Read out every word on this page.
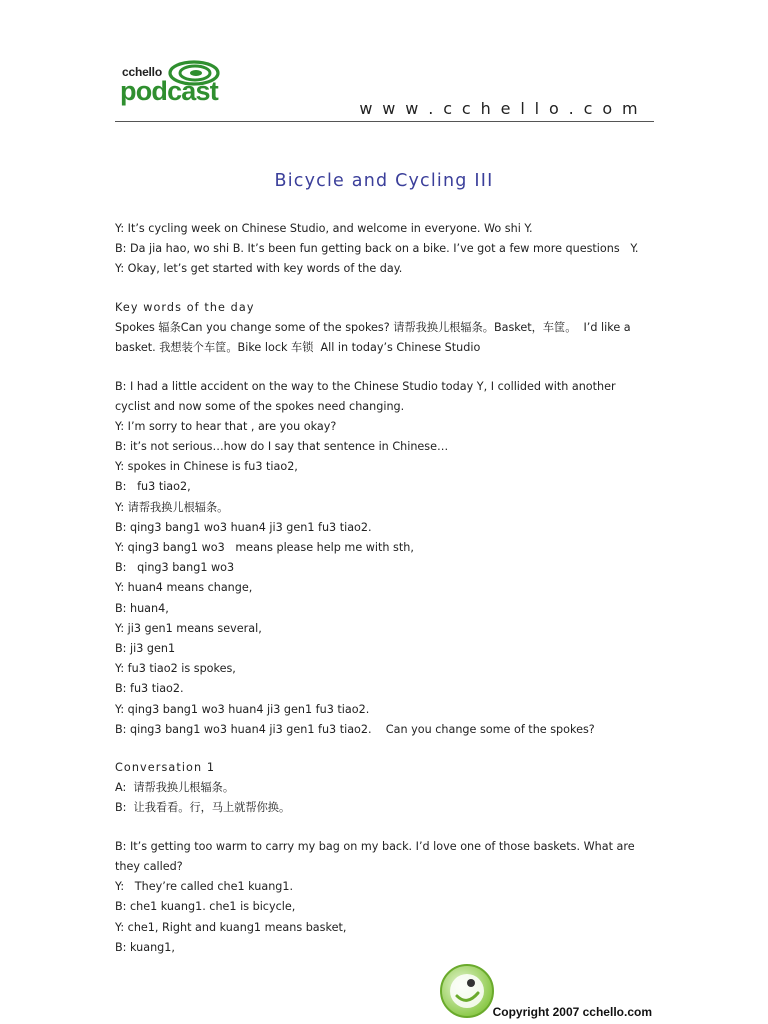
cchello
podcast
w w w . c c h e l l o . c o m
Bicycle and Cycling III
Y: It’s cycling week on Chinese Studio, and welcome in everyone. Wo shi Y.
B: Da jia hao, wo shi B. It’s been fun getting back on a bike. I’ve got a few more questions   Y.
Y: Okay, let’s get started with key words of the day.
Key words of the day
Spokes 辐条Can you change some of the spokes? 请帮我换儿根辐条。Basket，车筐。  I’d like a
basket. 我想装个车筐。Bike lock 车锁  All in today’s Chinese Studio
B: I had a little accident on the way to the Chinese Studio today Y, I collided with another
cyclist and now some of the spokes need changing.
Y: I’m sorry to hear that , are you okay?
B: it’s not serious…how do I say that sentence in Chinese…
Y: spokes in Chinese is fu3 tiao2,
B:   fu3 tiao2,
Y: 请帮我换儿根辐条。
B: qing3 bang1 wo3 huan4 ji3 gen1 fu3 tiao2.
Y: qing3 bang1 wo3   means please help me with sth,
B:   qing3 bang1 wo3
Y: huan4 means change,
B: huan4,
Y: ji3 gen1 means several,
B: ji3 gen1
Y: fu3 tiao2 is spokes,
B: fu3 tiao2.
Y: qing3 bang1 wo3 huan4 ji3 gen1 fu3 tiao2.
B: qing3 bang1 wo3 huan4 ji3 gen1 fu3 tiao2.    Can you change some of the spokes?
Conversation 1
A:  请帮我换儿根辐条。
B:  让我看看。行，马上就帮你换。
B: It’s getting too warm to carry my bag on my back. I’d love one of those baskets. What are
they called?
Y:   They’re called che1 kuang1.
B: che1 kuang1. che1 is bicycle,
Y: che1, Right and kuang1 means basket,
B: kuang1,
Copyright 2007 cchello.com
